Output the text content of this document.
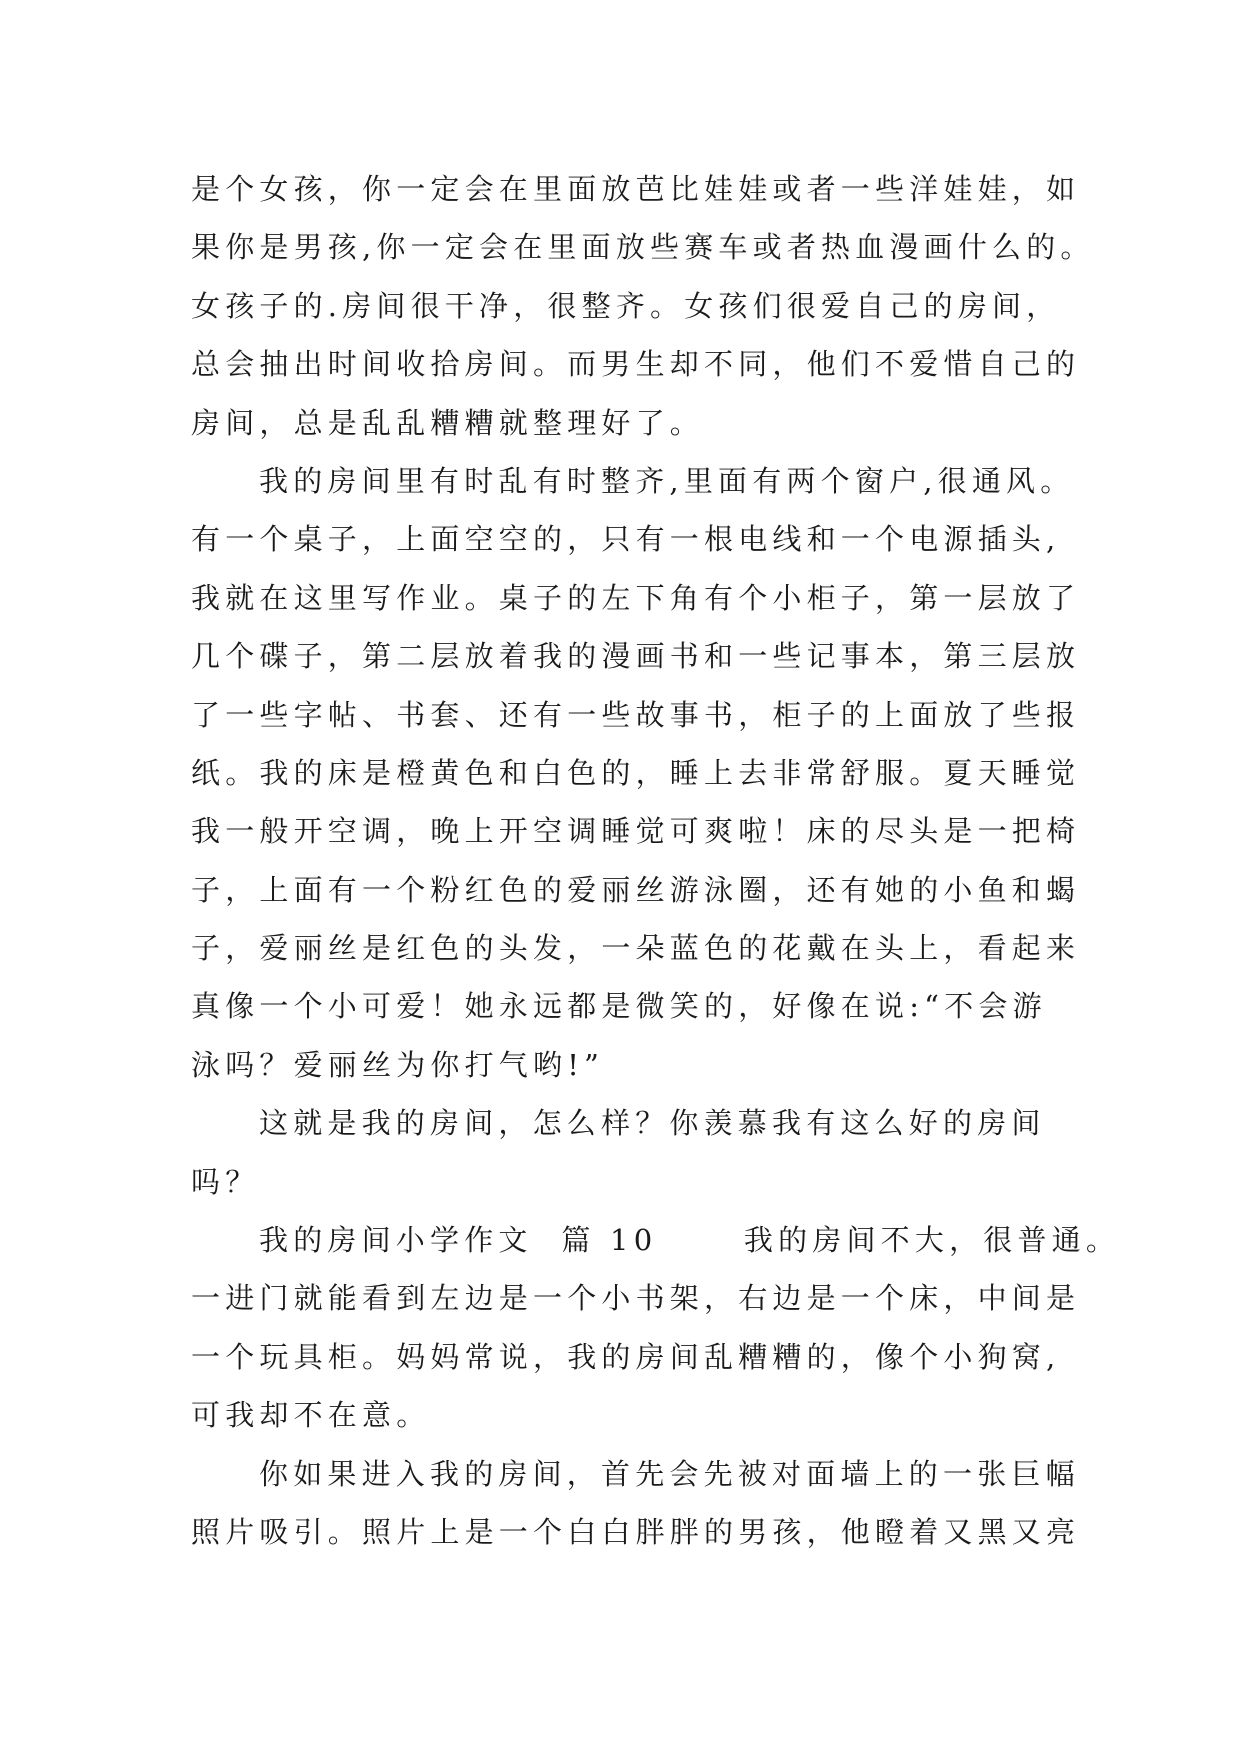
是个女孩，你一定会在里面放芭比娃娃或者一些洋娃娃，如
果你是男孩,你一定会在里面放些赛车或者热血漫画什么的。
女孩子的.房间很干净，很整齐。女孩们很爱自己的房间，
总会抽出时间收拾房间。而男生却不同，他们不爱惜自己的
房间，总是乱乱糟糟就整理好了。
我的房间里有时乱有时整齐,里面有两个窗户,很通风。
有一个桌子，上面空空的，只有一根电线和一个电源插头,
我就在这里写作业。桌子的左下角有个小柜子，第一层放了
几个碟子，第二层放着我的漫画书和一些记事本，第三层放
了一些字帖、书套、还有一些故事书，柜子的上面放了些报
纸。我的床是橙黄色和白色的，睡上去非常舒服。夏天睡觉
我一般开空调，晚上开空调睡觉可爽啦！床的尽头是一把椅
子，上面有一个粉红色的爱丽丝游泳圈，还有她的小鱼和蝎
子，爱丽丝是红色的头发，一朵蓝色的花戴在头上，看起来
真像一个小可爱！她永远都是微笑的，好像在说:“不会游
泳吗？爱丽丝为你打气哟!”
这就是我的房间，怎么样？你羡慕我有这么好的房间
吗？
我的房间小学作文  篇 10      我的房间不大，很普通。
一进门就能看到左边是一个小书架，右边是一个床，中间是
一个玩具柜。妈妈常说，我的房间乱糟糟的，像个小狗窝,
可我却不在意。
你如果进入我的房间，首先会先被对面墙上的一张巨幅
照片吸引。照片上是一个白白胖胖的男孩，他瞪着又黑又亮
